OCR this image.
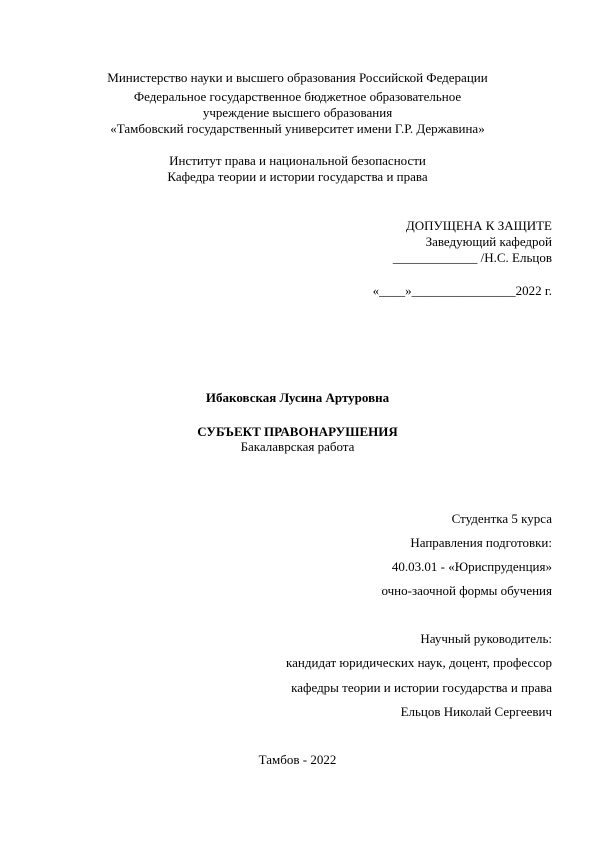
Министерство науки и высшего образования Российской Федерации
Федеральное государственное бюджетное образовательное
учреждение высшего образования
«Тамбовский государственный университет имени Г.Р. Державина»
Институт права и национальной безопасности
Кафедра теории и истории государства и права
ДОПУЩЕНА К ЗАЩИТЕ
Заведующий кафедрой
_____________ /Н.С. Ельцов
«____»________________2022 г.
Ибаковская Лусина Артуровна
СУБЪЕКТ ПРАВОНАРУШЕНИЯ
Бакалаврская работа
Студентка 5 курса
Направления подготовки:
40.03.01 - «Юриспруденция»
очно-заочной формы обучения
Научный руководитель:
кандидат юридических наук, доцент, профессор
кафедры теории и истории государства и права
Ельцов Николай Сергеевич
Тамбов - 2022
